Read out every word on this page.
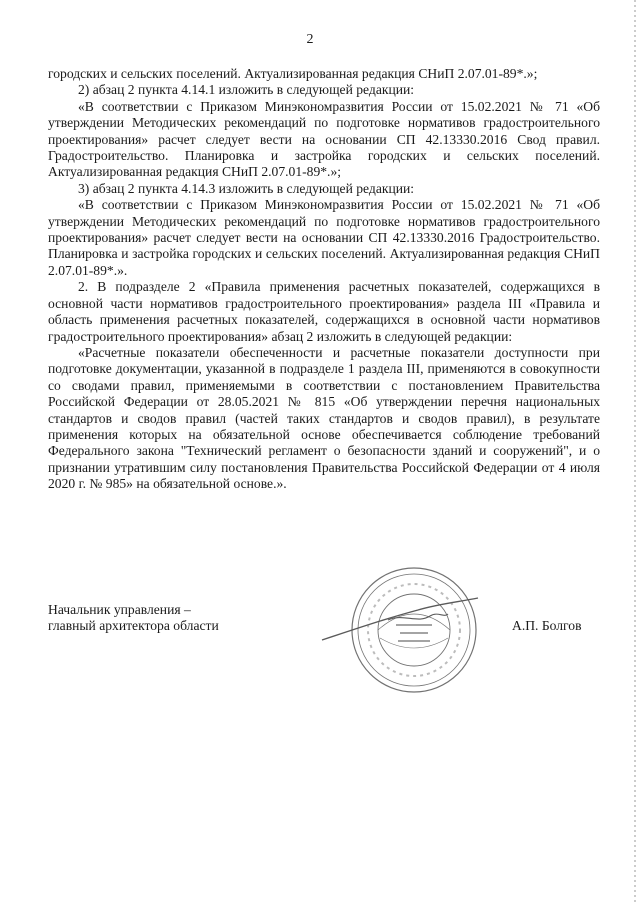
2

городских и сельских поселений. Актуализированная редакция СНиП 2.07.01-89*.»;

2) абзац 2 пункта 4.14.1 изложить в следующей редакции:

«В соответствии с Приказом Минэкономразвития России от 15.02.2021 № 71 «Об утверждении Методических рекомендаций по подготовке нормативов градостроительного проектирования» расчет следует вести на основании СП 42.13330.2016 Свод правил. Градостроительство. Планировка и застройка городских и сельских поселений. Актуализированная редакция СНиП 2.07.01-89*.»;

3) абзац 2 пункта 4.14.3 изложить в следующей редакции:

«В соответствии с Приказом Минэкономразвития России от 15.02.2021 № 71 «Об утверждении Методических рекомендаций по подготовке нормативов градостроительного проектирования» расчет следует вести на основании СП 42.13330.2016 Градостроительство. Планировка и застройка городских и сельских поселений. Актуализированная редакция СНиП 2.07.01-89*.».

2. В подразделе 2 «Правила применения расчетных показателей, содержащихся в основной части нормативов градостроительного проектирования» раздела III «Правила и область применения расчетных показателей, содержащихся в основной части нормативов градостроительного проектирования» абзац 2 изложить в следующей редакции:

«Расчетные показатели обеспеченности и расчетные показатели доступности при подготовке документации, указанной в подразделе 1 раздела III, применяются в совокупности со сводами правил, применяемыми в соответствии с постановлением Правительства Российской Федерации от 28.05.2021 № 815 «Об утверждении перечня национальных стандартов и сводов правил (частей таких стандартов и сводов правил), в результате применения которых на обязательной основе обеспечивается соблюдение требований Федерального закона "Технический регламент о безопасности зданий и сооружений", и о признании утратившим силу постановления Правительства Российской Федерации от 4 июля 2020 г. № 985» на обязательной основе.».

Начальник управления –
главный архитектора области	А.П. Болгов
